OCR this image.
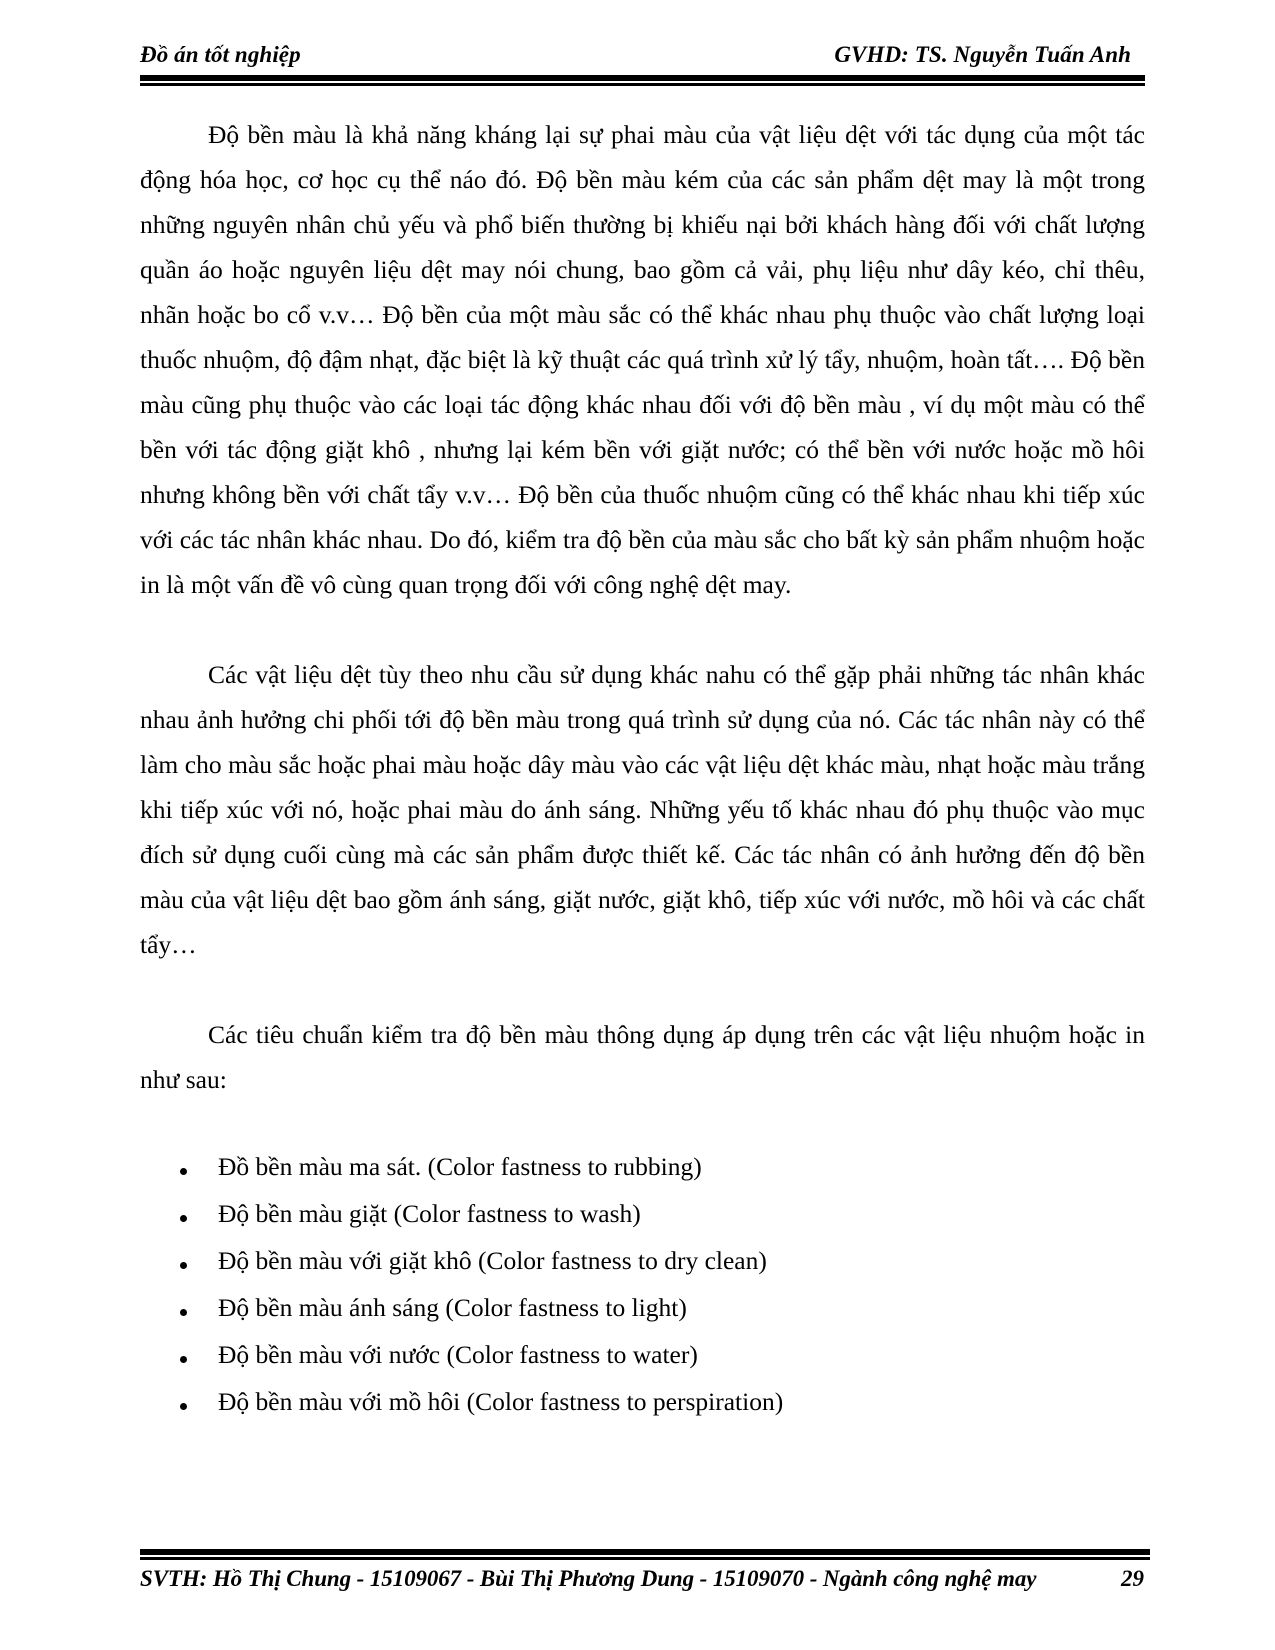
Đồ án tốt nghiệp	GVHD: TS. Nguyễn Tuấn Anh

Độ bền màu là khả năng kháng lại sự phai màu của vật liệu dệt với tác dụng của một tác động hóa học, cơ học cụ thể náo đó. Độ bền màu kém của các sản phẩm dệt may là một trong những nguyên nhân chủ yếu và phổ biến thường bị khiếu nại bởi khách hàng đối với chất lượng quần áo hoặc nguyên liệu dệt may nói chung, bao gồm cả vải, phụ liệu như dây kéo, chỉ thêu, nhãn hoặc bo cổ v.v… Độ bền của một màu sắc có thể khác nhau phụ thuộc vào chất lượng loại thuốc nhuộm, độ đậm nhạt, đặc biệt là kỹ thuật các quá trình xử lý tẩy, nhuộm, hoàn tất…. Độ bền màu cũng phụ thuộc vào các loại tác động khác nhau đối với độ bền màu , ví dụ một màu có thể bền với tác động giặt khô , nhưng lại kém bền với giặt nước; có thể bền với nước hoặc mồ hôi nhưng không bền với chất tẩy v.v… Độ bền của thuốc nhuộm cũng có thể khác nhau khi tiếp xúc với các tác nhân khác nhau. Do đó, kiểm tra độ bền của màu sắc cho bất kỳ sản phẩm nhuộm hoặc in là một vấn đề vô cùng quan trọng đối với công nghệ dệt may.

Các vật liệu dệt tùy theo nhu cầu sử dụng khác nahu có thể gặp phải những tác nhân khác nhau ảnh hưởng chi phối tới độ bền màu trong quá trình sử dụng của nó. Các tác nhân này có thể làm cho màu sắc hoặc phai màu hoặc dây màu vào các vật liệu dệt khác màu, nhạt hoặc màu trắng khi tiếp xúc với nó, hoặc phai màu do ánh sáng. Những yếu tố khác nhau đó phụ thuộc vào mục đích sử dụng cuối cùng mà các sản phẩm được thiết kế. Các tác nhân có ảnh hưởng đến độ bền màu của vật liệu dệt bao gồm ánh sáng, giặt nước, giặt khô, tiếp xúc với nước, mồ hôi và các chất tẩy…

Các tiêu chuẩn kiểm tra độ bền màu thông dụng áp dụng trên các vật liệu nhuộm hoặc in như sau:

Đồ bền màu ma sát. (Color fastness to rubbing)
Độ bền màu giặt (Color fastness to wash)
Độ bền màu với giặt khô (Color fastness to dry clean)
Độ bền màu ánh sáng (Color fastness to light)
Độ bền màu với nước (Color fastness to water)
Độ bền màu với mồ hôi (Color fastness to perspiration)
SVTH: Hồ Thị Chung - 15109067 - Bùi Thị Phương Dung - 15109070 - Ngành công nghệ may	29
